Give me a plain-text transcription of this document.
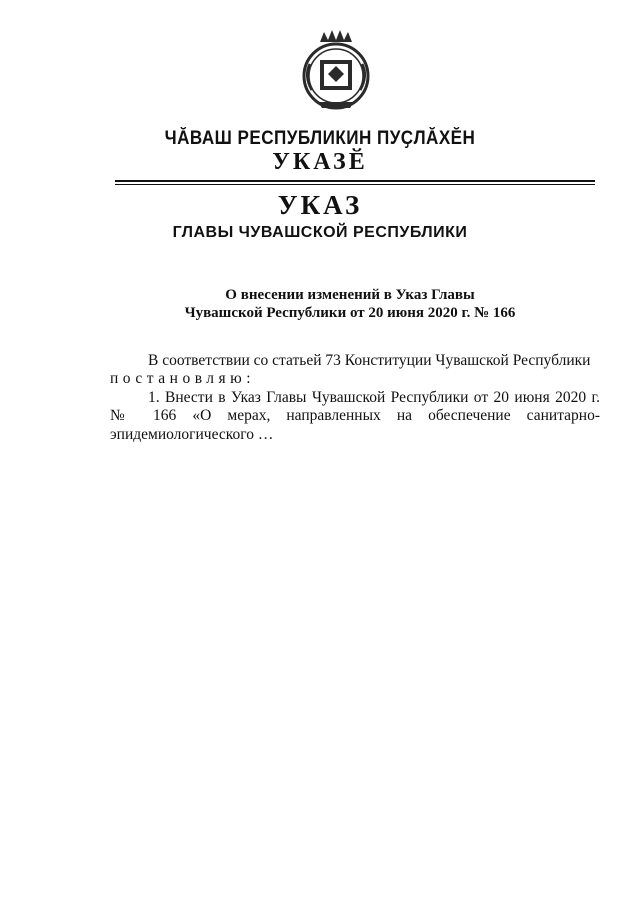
ЧӐВАШ РЕСПУБЛИКИН ПУҪЛӐХӖН
УКАЗӖ
УКАЗ
ГЛАВЫ ЧУВАШСКОЙ РЕСПУБЛИКИ
О внесении изменений в Указ Главы
Чувашской Республики от 20 июня 2020 г. № 166

В соответствии со статьей 73 Конституции Чувашской Республики

постановляю:

1. Внести в Указ Главы Чувашской Республики от 20 июня 2020 г. № 166 «О мерах, направленных на обеспечение санитарно-эпидемиологического …
